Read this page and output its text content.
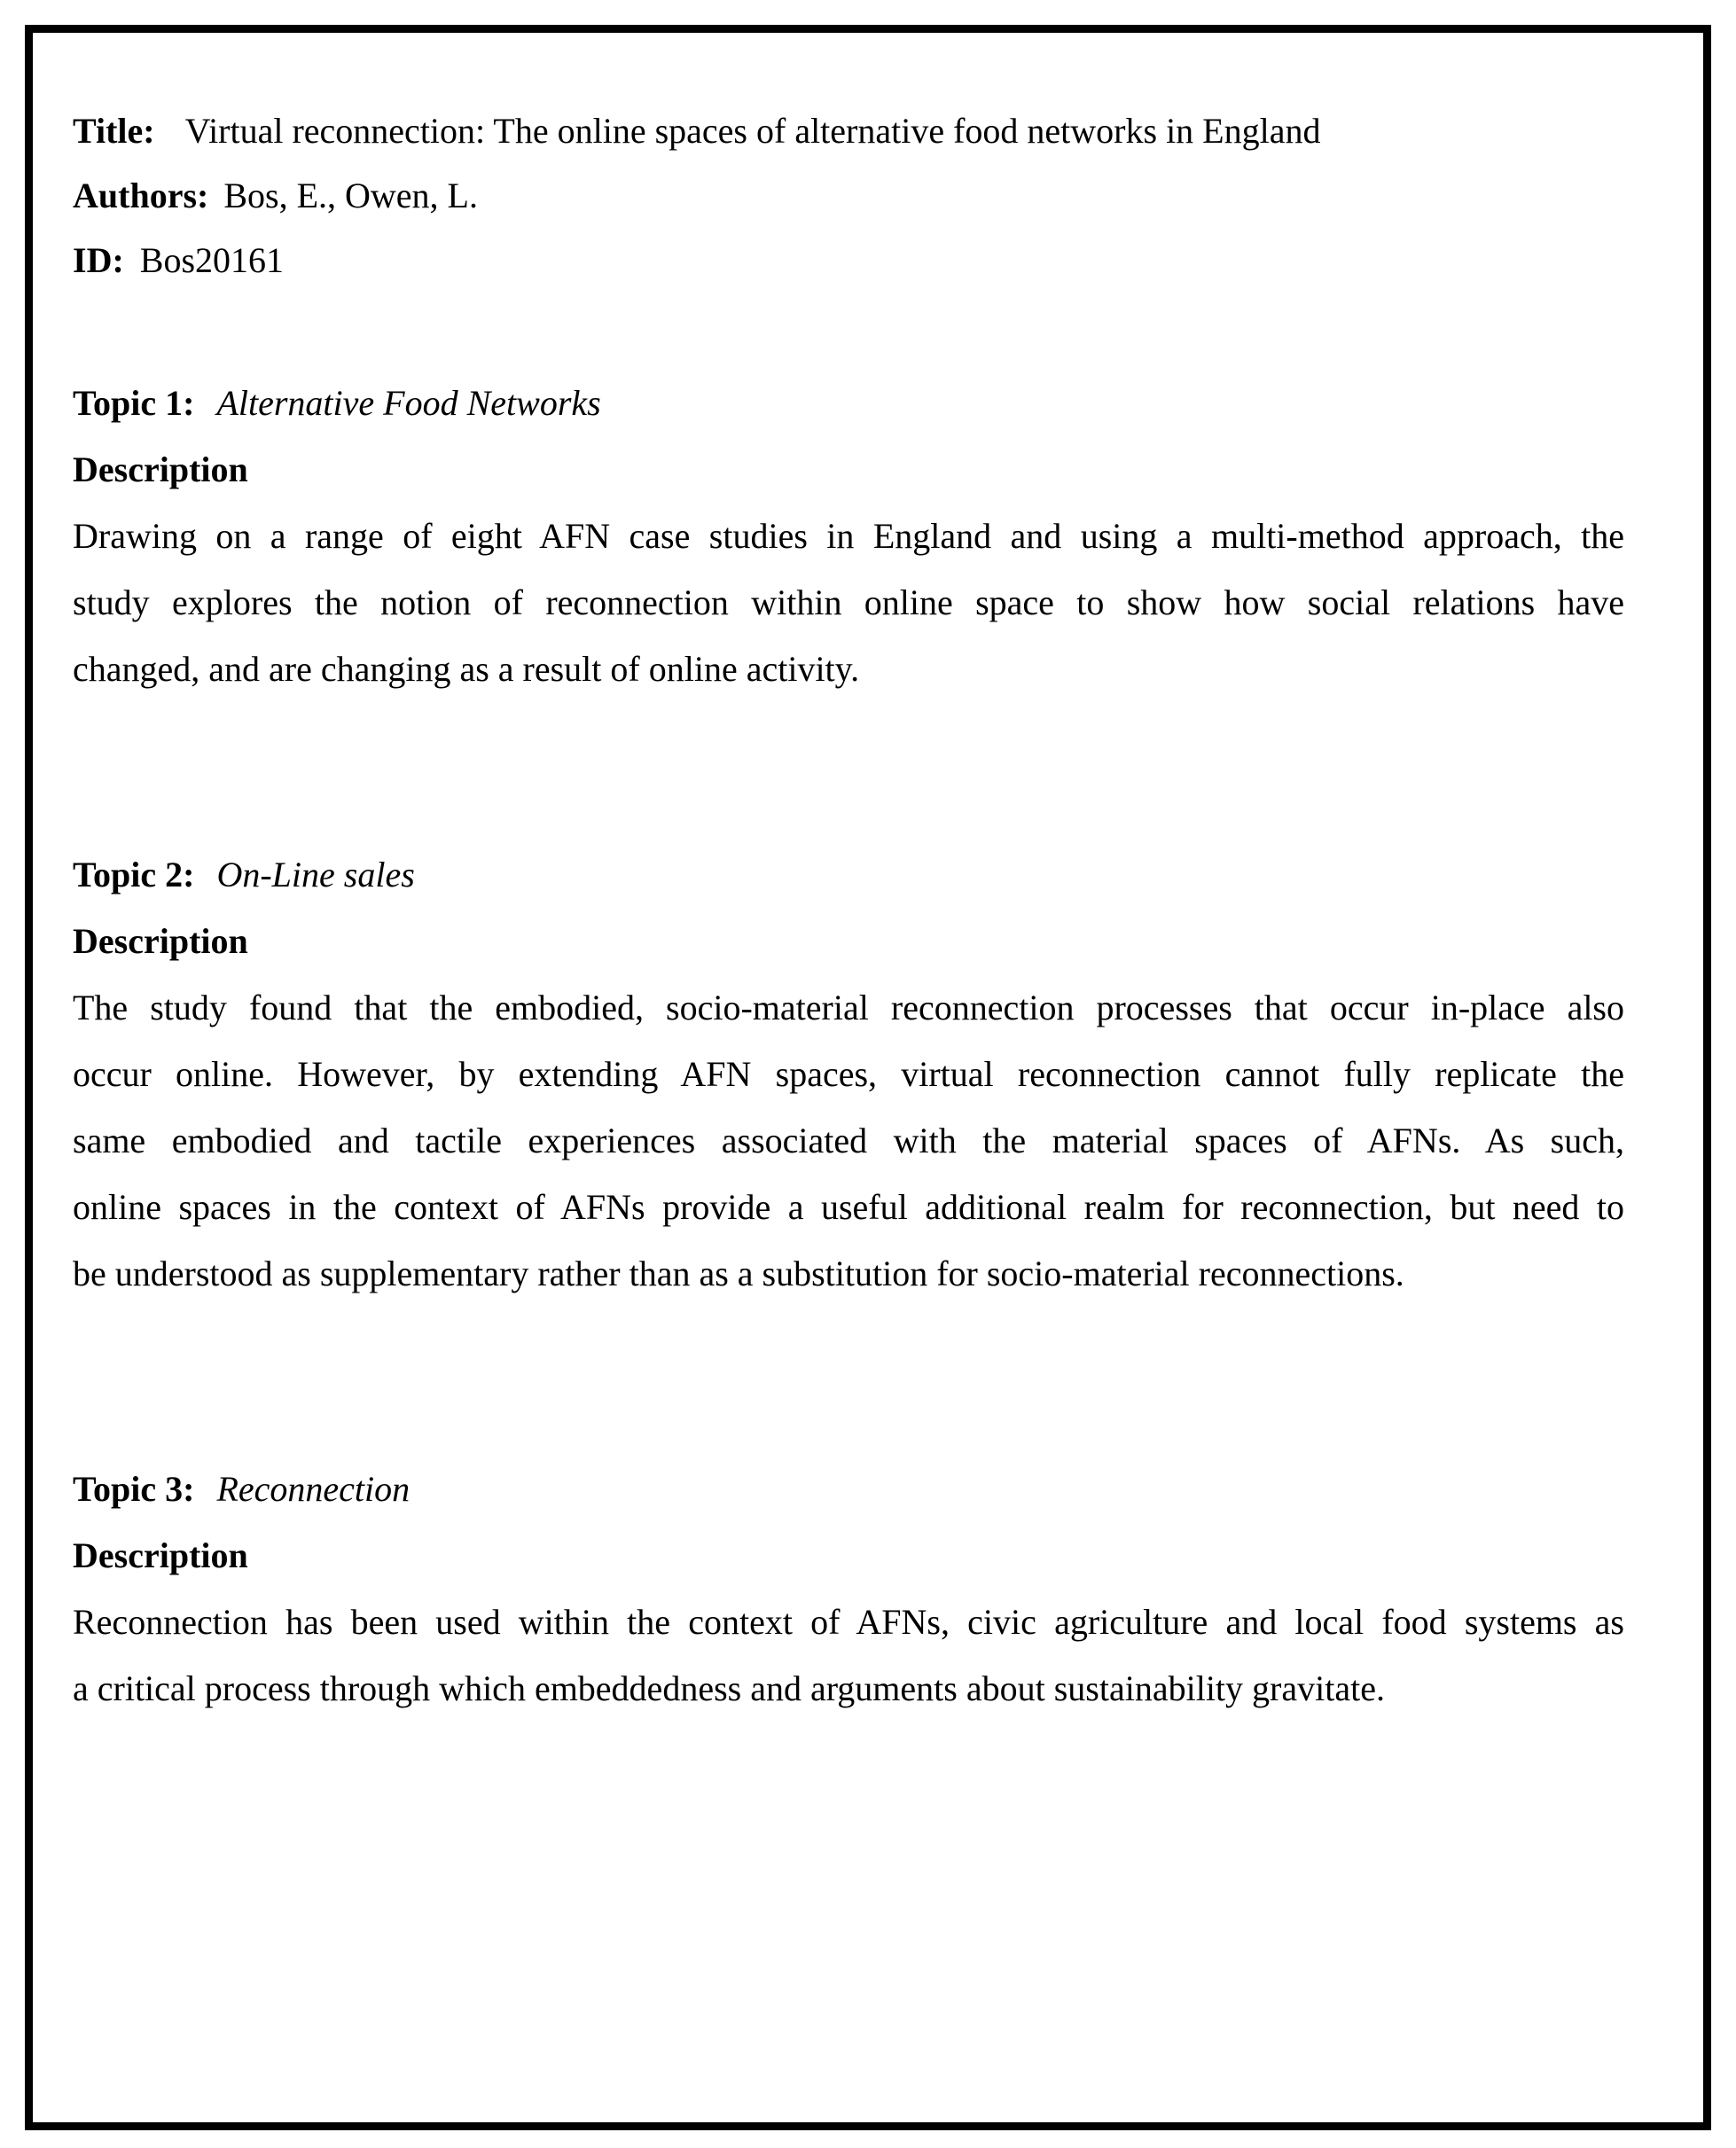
Title: Virtual reconnection: The online spaces of alternative food networks in England
Authors: Bos, E., Owen, L.
ID: Bos20161
Topic 1: Alternative Food Networks
Description
Drawing on a range of eight AFN case studies in England and using a multi-method approach, the
study explores the notion of reconnection within online space to show how social relations have
changed, and are changing as a result of online activity.
Topic 2: On-Line sales
Description
The study found that the embodied, socio-material reconnection processes that occur in-place also
occur online. However, by extending AFN spaces, virtual reconnection cannot fully replicate the
same embodied and tactile experiences associated with the material spaces of AFNs. As such,
online spaces in the context of AFNs provide a useful additional realm for reconnection, but need to
be understood as supplementary rather than as a substitution for socio-material reconnections.
Topic 3: Reconnection
Description
Reconnection has been used within the context of AFNs, civic agriculture and local food systems as
a critical process through which embeddedness and arguments about sustainability gravitate.
